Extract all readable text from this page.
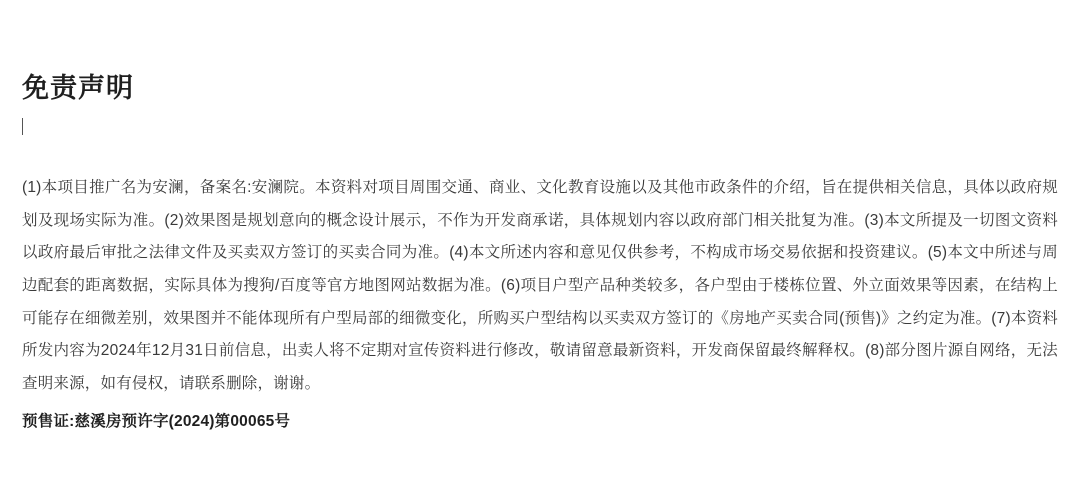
免责声明

(1)本项目推广名为安澜，备案名:安澜院。本资料对项目周围交通、商业、文化教育设施以及其他市政条件的介绍，旨在提供相关信息，具体以政府规划及现场实际为准。(2)效果图是规划意向的概念设计展示，不作为开发商承诺，具体规划内容以政府部门相关批复为准。(3)本文所提及一切图文资料以政府最后审批之法律文件及买卖双方签订的买卖合同为准。(4)本文所述内容和意见仅供参考，不构成市场交易依据和投资建议。(5)本文中所述与周边配套的距离数据，实际具体为搜狗/百度等官方地图网站数据为准。(6)项目户型产品种类较多，各户型由于楼栋位置、外立面效果等因素，在结构上可能存在细微差别，效果图并不能体现所有户型局部的细微变化，所购买户型结构以买卖双方签订的《房地产买卖合同(预售)》之约定为准。(7)本资料所发内容为2024年12月31日前信息，出卖人将不定期对宣传资料进行修改，敬请留意最新资料，开发商保留最终解释权。(8)部分图片源自网络，无法查明来源，如有侵权，请联系删除，谢谢。

预售证:慈溪房预许字(2024)第00065号
